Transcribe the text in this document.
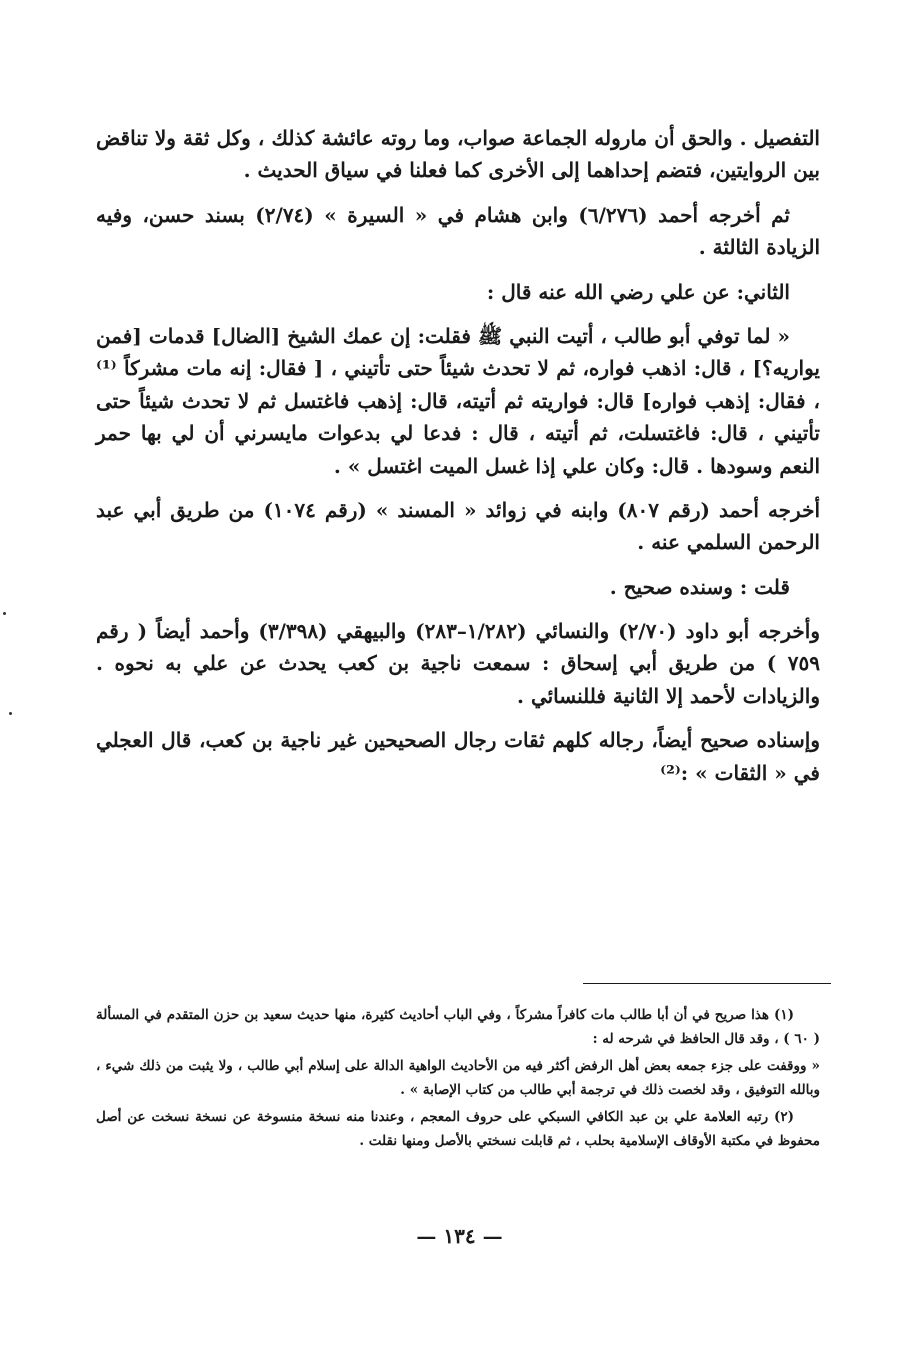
التفصيل . والحق أن ماروله الجماعة صواب، وما روته عائشة كذلك ، وكل ثقة ولا تناقض بين الروايتين، فتضم إحداهما إلى الأخرى كما فعلنا في سياق الحديث .

ثم أخرجه أحمد (٦/٢٧٦) وابن هشام في « السيرة » (٢/٧٤) بسند حسن، وفيه الزيادة الثالثة .

الثاني: عن علي رضي الله عنه قال :

« لما توفي أبو طالب ، أتيت النبي ﷺ فقلت: إن عمك الشيخ [الضال] قدمات [فمن يواريه؟] ، قال: اذهب فواره، ثم لا تحدث شيئاً حتى تأتيني ، [ فقال: إنه مات مشركاً ⁽¹⁾ ، فقال: إذهب فواره] قال: فواريته ثم أتيته، قال: إذهب فاغتسل ثم لا تحدث شيئاً حتى تأتيني ، قال: فاغتسلت، ثم أتيته ، قال : فدعا لي بدعوات مايسرني أن لي بها حمر النعم وسودها . قال: وكان علي إذا غسل الميت اغتسل » .

أخرجه أحمد (رقم ٨٠٧) وابنه في زوائد « المسند » (رقم ١٠٧٤) من طريق أبي عبد الرحمن السلمي عنه .

قلت : وسنده صحيح .

وأخرجه أبو داود (٢/٧٠) والنسائي (١/٢٨٢–٢٨٣) والبيهقي (٣/٣٩٨) وأحمد أيضاً ( رقم ٧٥٩ ) من طريق أبي إسحاق : سمعت ناجية بن كعب يحدث عن علي به نحوه . والزيادات لأحمد إلا الثانية فللنسائي .

وإسناده صحيح أيضاً، رجاله كلهم ثقات رجال الصحيحين غير ناجية بن كعب، قال العجلي في « الثقات » :⁽²⁾

(١) هذا صريح في أن أبا طالب مات كافراً مشركاً ، وفي الباب أحاديث كثيرة، منها حديث سعيد بن حزن المتقدم في المسألة ( ٦٠ ) ، وقد قال الحافظ في شرحه له :

« ووقفت على جزء جمعه بعض أهل الرفض أكثر فيه من الأحاديث الواهية الدالة على إسلام أبي طالب ، ولا يثبت من ذلك شيء ، وبالله التوفيق ، وقد لخصت ذلك في ترجمة أبي طالب من كتاب الإصابة » .

(٢) رتبه العلامة علي بن عبد الكافي السبكي على حروف المعجم ، وعندنا منه نسخة منسوخة عن نسخة نسخت عن أصل محفوظ في مكتبة الأوقاف الإسلامية بحلب ، ثم قابلت نسختي بالأصل ومنها نقلت .

— ١٣٤ —
